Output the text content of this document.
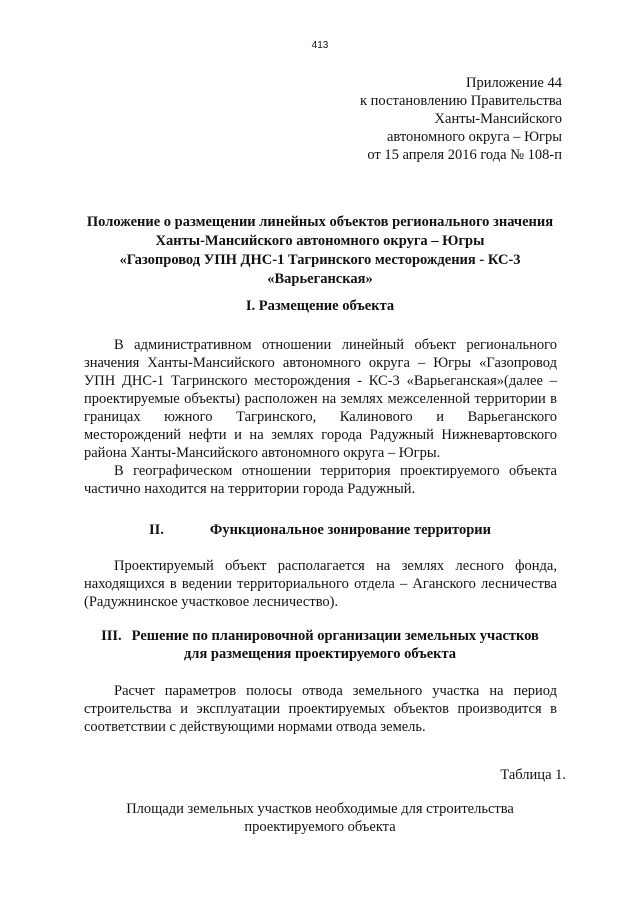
413
Приложение 44
к постановлению Правительства
Ханты-Мансийского
автономного округа – Югры
от 15 апреля 2016 года № 108-п
Положение о размещении линейных объектов регионального значения
Ханты-Мансийского автономного округа – Югры
«Газопровод УПН ДНС-1 Тагринского месторождения - КС-3
«Варьеганская»
I. Размещение объекта

В административном отношении линейный объект регионального значения Ханты-Мансийского автономного округа – Югры «Газопровод УПН ДНС-1 Тагринского месторождения - КС-3 «Варьеганская»(далее – проектируемые объекты) расположен на землях межселенной территории в границах южного Тагринского, Калинового и Варьеганского месторождений нефти и на землях города Радужный Нижневартовского района Ханты-Мансийского автономного округа – Югры.

В географическом отношении территория проектируемого объекта частично находится на территории города Радужный.

II.	Функциональное зонирование территории

Проектируемый объект располагается на землях лесного фонда, находящихся в ведении территориального отдела – Аганского лесничества (Радужнинское участковое лесничество).

III. Решение по планировочной организации земельных участков
для размещения проектируемого объекта

Расчет параметров полосы отвода земельного участка на период строительства и эксплуатации проектируемых объектов производится в соответствии с действующими нормами отвода земель.

Таблица 1.
Площади земельных участков необходимые для строительства
проектируемого объекта
